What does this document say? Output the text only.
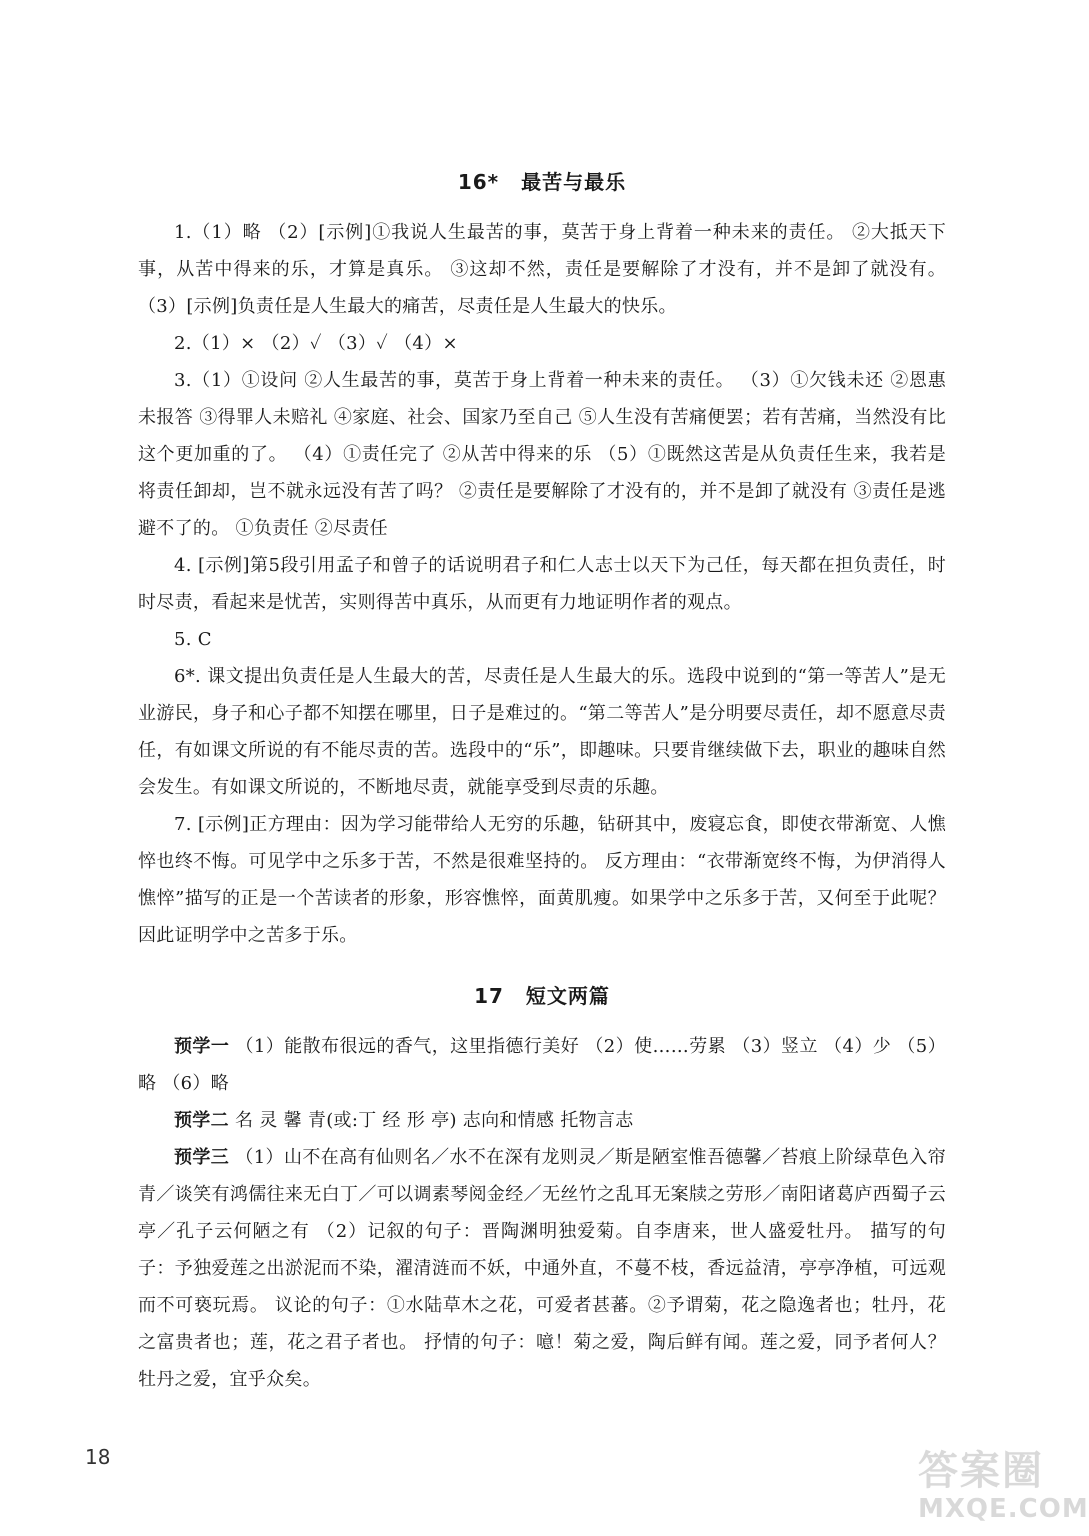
16* 最苦与最乐

1.（1）略 （2）[示例]①我说人生最苦的事，莫苦于身上背着一种未来的责任。 ②大抵天下事，从苦中得来的乐，才算是真乐。 ③这却不然，责任是要解除了才没有，并不是卸了就没有。 （3）[示例]负责任是人生最大的痛苦，尽责任是人生最大的快乐。

2.（1）× （2）✓ （3）✓ （4）×

3.（1）①设问 ②人生最苦的事，莫苦于身上背着一种未来的责任。 （3）①欠钱未还 ②恩惠未报答 ③得罪人未赔礼 ④家庭、社会、国家乃至自己 ⑤人生没有苦痛便罢；若有苦痛，当然没有比这个更加重的了。 （4）①责任完了 ②从苦中得来的乐 （5）①既然这苦是从负责任生来，我若是将责任卸却，岂不就永远没有苦了吗？ ②责任是要解除了才没有的，并不是卸了就没有 ③责任是逃避不了的。 ①负责任 ②尽责任

4. [示例]第5段引用孟子和曾子的话说明君子和仁人志士以天下为己任，每天都在担负责任，时时尽责，看起来是忧苦，实则得苦中真乐，从而更有力地证明作者的观点。

5. C

6*. 课文提出负责任是人生最大的苦，尽责任是人生最大的乐。选段中说到的“第一等苦人”是无业游民，身子和心子都不知摆在哪里，日子是难过的。“第二等苦人”是分明要尽责任，却不愿意尽责任，有如课文所说的有不能尽责的苦。选段中的“乐”，即趣味。只要肯继续做下去，职业的趣味自然会发生。有如课文所说的，不断地尽责，就能享受到尽责的乐趣。

7. [示例]正方理由：因为学习能带给人无穷的乐趣，钻研其中，废寝忘食，即使衣带渐宽、人憔悴也终不悔。可见学中之乐多于苦，不然是很难坚持的。 反方理由：“衣带渐宽终不悔，为伊消得人憔悴”描写的正是一个苦读者的形象，形容憔悴，面黄肌瘦。如果学中之乐多于苦，又何至于此呢？因此证明学中之苦多于乐。

17 短文两篇

预学一 （1）能散布很远的香气，这里指德行美好 （2）使……劳累 （3）竖立 （4）少 （5）略 （6）略

预学二 名 灵 馨 青(或:丁 经 形 亭) 志向和情感 托物言志

预学三 （1）山不在高有仙则名／水不在深有龙则灵／斯是陋室惟吾德馨／苔痕上阶绿草色入帘青／谈笑有鸿儒往来无白丁／可以调素琴阅金经／无丝竹之乱耳无案牍之劳形／南阳诸葛庐西蜀子云亭／孔子云何陋之有 （2）记叙的句子：晋陶渊明独爱菊。自李唐来，世人盛爱牡丹。 描写的句子：予独爱莲之出淤泥而不染，濯清涟而不妖，中通外直，不蔓不枝，香远益清，亭亭净植，可远观而不可亵玩焉。 议论的句子：①水陆草木之花，可爱者甚蕃。②予谓菊，花之隐逸者也；牡丹，花之富贵者也；莲，花之君子者也。 抒情的句子：噫！菊之爱，陶后鲜有闻。莲之爱，同予者何人？牡丹之爱，宜乎众矣。

18	答案圈
MXQE.COM
